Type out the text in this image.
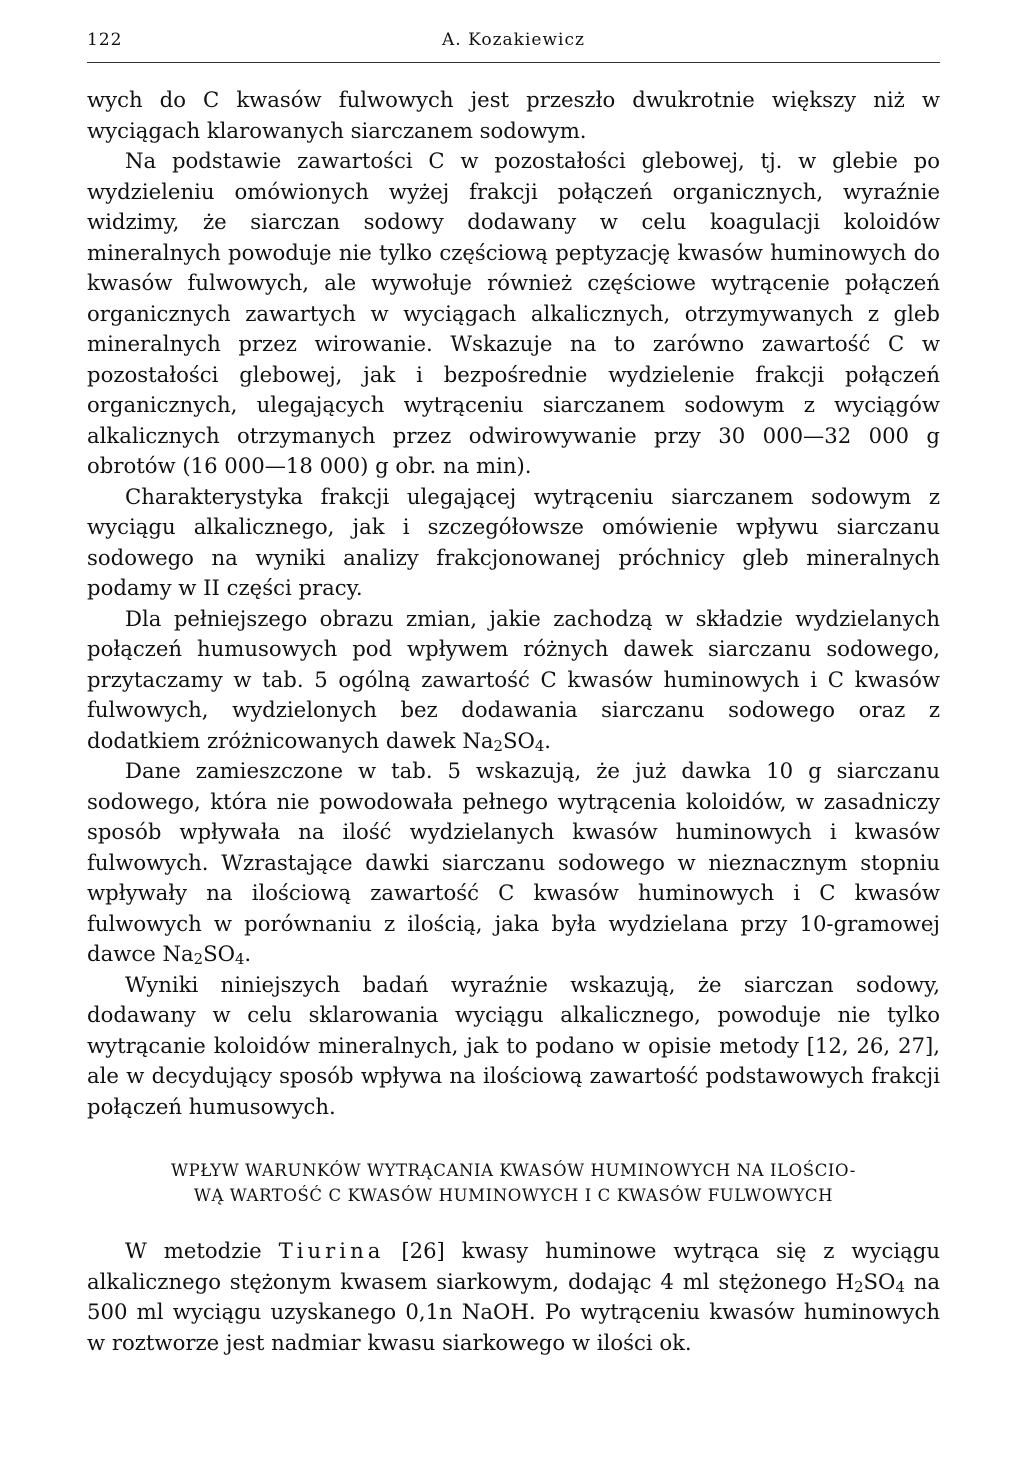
122	A. Kozakiewicz

wych do C kwasów fulwowych jest przeszło dwukrotnie większy niż w wyciągach klarowanych siarczanem sodowym.

Na podstawie zawartości C w pozostałości glebowej, tj. w glebie po wydzieleniu omówionych wyżej frakcji połączeń organicznych, wyraźnie widzimy, że siarczan sodowy dodawany w celu koagulacji koloidów mineralnych powoduje nie tylko częściową peptyzację kwasów huminowych do kwasów fulwowych, ale wywołuje również częściowe wytrącenie połączeń organicznych zawartych w wyciągach alkalicznych, otrzymywanych z gleb mineralnych przez wirowanie. Wskazuje na to zarówno zawartość C w pozostałości glebowej, jak i bezpośrednie wydzielenie frakcji połączeń organicznych, ulegających wytrąceniu siarczanem sodowym z wyciągów alkalicznych otrzymanych przez odwirowywanie przy 30 000—32 000 g obrotów (16 000—18 000) g obr. na min).

Charakterystyka frakcji ulegającej wytrąceniu siarczanem sodowym z wyciągu alkalicznego, jak i szczegółowsze omówienie wpływu siarczanu sodowego na wyniki analizy frakcjonowanej próchnicy gleb mineralnych podamy w II części pracy.

Dla pełniejszego obrazu zmian, jakie zachodzą w składzie wydzielanych połączeń humusowych pod wpływem różnych dawek siarczanu sodowego, przytaczamy w tab. 5 ogólną zawartość C kwasów huminowych i C kwasów fulwowych, wydzielonych bez dodawania siarczanu sodowego oraz z dodatkiem zróżnicowanych dawek $Na_2SO_4$.

Dane zamieszczone w tab. 5 wskazują, że już dawka 10 g siarczanu sodowego, która nie powodowała pełnego wytrącenia koloidów, w zasadniczy sposób wpływała na ilość wydzielanych kwasów huminowych i kwasów fulwowych. Wzrastające dawki siarczanu sodowego w nieznacznym stopniu wpływały na ilościową zawartość C kwasów huminowych i C kwasów fulwowych w porównaniu z ilością, jaka była wydzielana przy 10-gramowej dawce $Na_2SO_4$.

Wyniki niniejszych badań wyraźnie wskazują, że siarczan sodowy, dodawany w celu sklarowania wyciągu alkalicznego, powoduje nie tylko wytrącanie koloidów mineralnych, jak to podano w opisie metody [12, 26, 27], ale w decydujący sposób wpływa na ilościową zawartość podstawowych frakcji połączeń humusowych.

WPŁYW WARUNKÓW WYTRĄCANIA KWASÓW HUMINOWYCH NA ILOŚCIO-
WĄ WARTOŚĆ C KWASÓW HUMINOWYCH I C KWASÓW FULWOWYCH

W metodzie Tiurina [26] kwasy huminowe wytrąca się z wyciągu alkalicznego stężonym kwasem siarkowym, dodając 4 ml stężonego $H_2SO_4$ na 500 ml wyciągu uzyskanego 0,1n NaOH. Po wytrąceniu kwasów huminowych w roztworze jest nadmiar kwasu siarkowego w ilości ok.
